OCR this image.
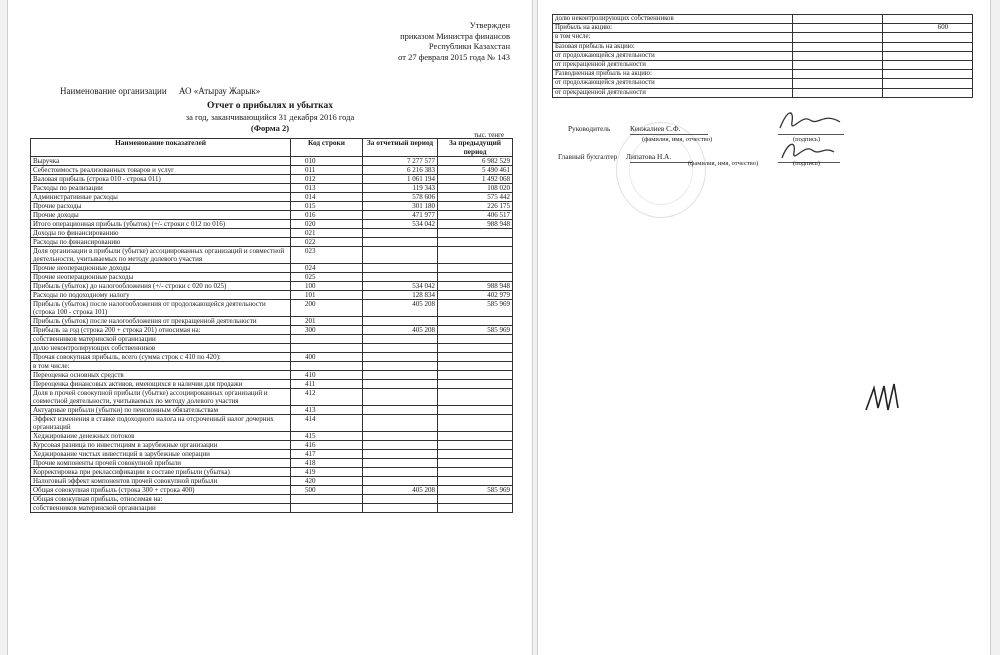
Утвержден
приказом Министра финансов
Республики Казахстан
от 27 февраля 2015 года № 143
Наименование организации АО «Атырау Жарык»
Отчет о прибылях и убытках
за год, заканчивающийся 31 декабря 2016 года
(Форма 2)
тыс. тенге
Наименование показателей	Код строки	За отчетный период	За предыдущий период
Выручка	010	7 277 577	6 982 529
Себестоимость реализованных товаров и услуг	011	6 216 383	5 490 461
Валовая прибыль (строка 010 - строка 011)	012	1 061 194	1 492 068
Расходы по реализации	013	119 343	108 020
Административные расходы	014	578 606	575 442
Прочие расходы	015	301 180	226 175
Прочие доходы	016	471 977	406 517
Итого операционная прибыль (убыток) (+/- строки с 012 по 016)	020	534 042	988 948
Доходы по финансированию	021		
Расходы по финансированию	022		
Доля организации в прибыли (убытке) ассоциированных организаций и совместной деятельности, учитываемых по методу долевого участия	023		
Прочие неоперационные доходы	024		
Прочие неоперационные расходы	025		
Прибыль (убыток) до налогообложения (+/- строки с 020 по 025)	100	534 042	988 948
Расходы по подоходному налогу	101	128 834	402 979
Прибыль (убыток) после налогообложения от продолжающейся деятельности (строка 100 - строка 101)	200	405 208	585 969
Прибыль (убыток) после налогообложения от прекращенной деятельности	201		
Прибыль за год (строка 200 + строка 201) относимая на:	300	405 208	585 969
собственников материнской организации			
долю неконтролирующих собственников			
Прочая совокупная прибыль, всего (сумма строк с 410 по 420):	400		
в том числе:			
Переоценка основных средств	410		
Переоценка финансовых активов, имеющихся в наличии для продажи	411		
Доля в прочей совокупной прибыли (убытке) ассоциированных организаций и совместной деятельности, учитываемых по методу долевого участия	412		
Актуарные прибыли (убытки) по пенсионным обязательствам	413		
Эффект изменения в ставке подоходного налога на отсроченный налог дочерних организаций	414		
Хеджирование денежных потоков	415		
Курсовая разница по инвестициям в зарубежные организации	416		
Хеджирование чистых инвестиций в зарубежные операции	417		
Прочие компоненты прочей совокупной прибыли	418		
Корректировка при реклассификации в составе прибыли (убытка)	419		
Налоговый эффект компонентов прочей совокупной прибыли	420		
Общая совокупная прибыль (строка 300 + строка 400)	500	405 208	585 969
Общая совокупная прибыль, относимая на:			
собственников материнской организации			
долю неконтролирующих собственников		
Прибыль на акцию:		600
в том числе:		
Базовая прибыль на акцию:		
от продолжающейся деятельности		
от прекращенной деятельности		
Разводненная прибыль на акцию:		
от продолжающейся деятельности		
от прекращенной деятельности		
Руководитель	Кенжалиев С.Ф.
(фамилия, имя, отчество)	(подпись)
Главный бухгалтер Липатова Н.А.
(фамилия, имя, отчество)	(подпись)
